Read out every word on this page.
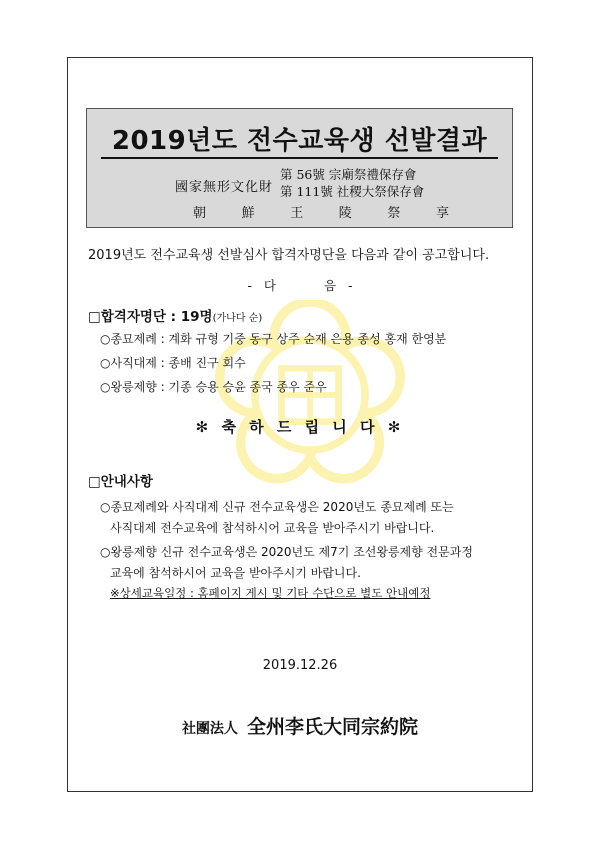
2019년도 전수교육생 선발결과
國家無形文化財
第 56號 宗廟祭禮保存會
第 111號 社稷大祭保存會
朝	鮮	王	陵	祭	享
2019년도 전수교육생 선발심사 합격자명단을 다음과 같이 공고합니다.
- 다	음 -
□합격자명단 : 19명(가나다 순)
○종묘제례 : 계화 규형 기중 동구 상주 순재 은용 종성 홍재 한영분
○사직대제 : 종배 진구 회수
○왕릉제향 : 기종 승용 승윤 종국 종우 준우
✻ 축 하 드 립 니 다 ✻
□안내사항
○종묘제례와 사직대제 신규 전수교육생은 2020년도 종묘제례 또는
사직대제 전수교육에 참석하시어 교육을 받아주시기 바랍니다.
○왕릉제향 신규 전수교육생은 2020년도 제7기 조선왕릉제향 전문과정
교육에 참석하시어 교육을 받아주시기 바랍니다.
※상세교육일정 : 홈페이지 게시 및 기타 수단으로 별도 안내예정
2019.12.26
社團法人 全州李氏大同宗約院
